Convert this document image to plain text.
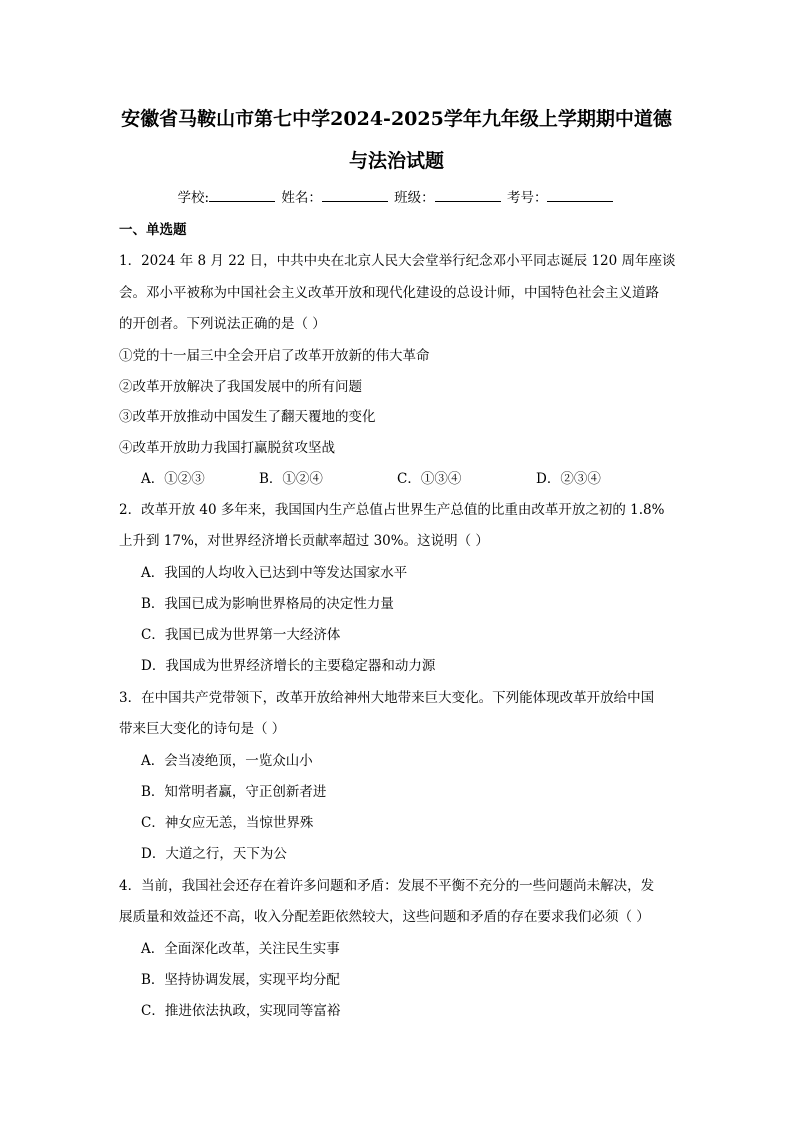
安徽省马鞍山市第七中学2024-2025学年九年级上学期期中道德
与法治试题
学校:	姓名：	班级：	考号：
一、单选题
1．2024 年 8 月 22 日，中共中央在北京人民大会堂举行纪念邓小平同志诞辰 120 周年座谈
会。邓小平被称为中国社会主义改革开放和现代化建设的总设计师，中国特色社会主义道路
的开创者。下列说法正确的是（ ）
①党的十一届三中全会开启了改革开放新的伟大革命
②改革开放解决了我国发展中的所有问题
③改革开放推动中国发生了翻天覆地的变化
④改革开放助力我国打赢脱贫攻坚战
A．①②③	B．①②④	C．①③④	D．②③④
2．改革开放 40 多年来，我国国内生产总值占世界生产总值的比重由改革开放之初的 1.8%
上升到 17%，对世界经济增长贡献率超过 30%。这说明（ ）
A．我国的人均收入已达到中等发达国家水平
B．我国已成为影响世界格局的决定性力量
C．我国已成为世界第一大经济体
D．我国成为世界经济增长的主要稳定器和动力源
3．在中国共产党带领下，改革开放给神州大地带来巨大变化。下列能体现改革开放给中国
带来巨大变化的诗句是（ ）
A．会当凌绝顶，一览众山小
B．知常明者赢，守正创新者进
C．神女应无恙，当惊世界殊
D．大道之行，天下为公
4．当前，我国社会还存在着许多问题和矛盾：发展不平衡不充分的一些问题尚未解决，发
展质量和效益还不高，收入分配差距依然较大，这些问题和矛盾的存在要求我们必须（ ）
A．全面深化改革，关注民生实事
B．坚持协调发展，实现平均分配
C．推进依法执政，实现同等富裕
